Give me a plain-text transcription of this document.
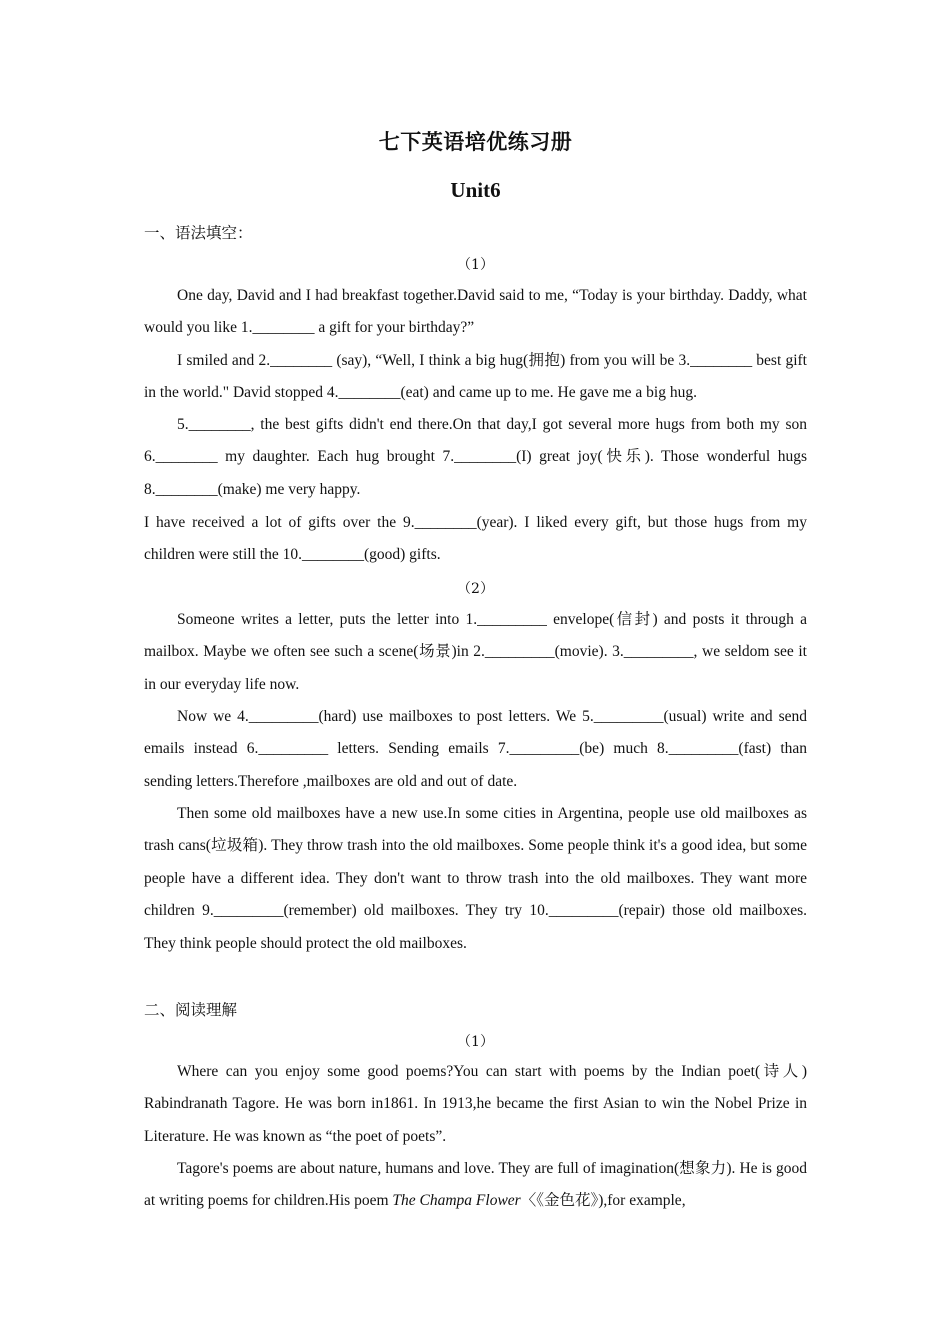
七下英语培优练习册
Unit6
一、语法填空：
（1）
One day, David and I had breakfast together.David said to me, “Today is your birthday. Daddy, what would you like 1.________ a gift for your birthday?”
I smiled and 2.________ (say), “Well, I think a big hug(拥抱) from you will be 3.________ best gift in the world." David stopped 4.________(eat) and came up to me. He gave me a big hug.
5.________, the best gifts didn't end there.On that day,I got several more hugs from both my son 6.________ my daughter. Each hug brought 7.________(I) great joy(快乐). Those wonderful hugs 8.________(make) me very happy.
I have received a lot of gifts over the 9.________(year). I liked every gift, but those hugs from my children were still the 10.________(good) gifts.
（2）
Someone writes a letter, puts the letter into 1._________ envelope(信封) and posts it through a mailbox. Maybe we often see such a scene(场景)in 2._________(movie). 3._________, we seldom see it in our everyday life now.
Now we 4._________(hard) use mailboxes to post letters. We 5._________(usual) write and send emails instead 6._________ letters. Sending emails 7._________(be) much 8._________(fast) than sending letters.Therefore ,mailboxes are old and out of date.
Then some old mailboxes have a new use.In some cities in Argentina, people use old mailboxes as trash cans(垃圾箱). They throw trash into the old mailboxes. Some people think it's a good idea, but some people have a different idea. They don't want to throw trash into the old mailboxes. They want more children 9._________(remember) old mailboxes. They try 10._________(repair) those old mailboxes. They think people should protect the old mailboxes.
二、阅读理解
（1）
Where can you enjoy some good poems?You can start with poems by the Indian poet(诗人) Rabindranath Tagore. He was born in1861. In 1913,he became the first Asian to win the Nobel Prize in Literature. He was known as “the poet of poets”.
Tagore's poems are about nature, humans and love. They are full of imagination(想象力). He is good at writing poems for children.His poem The Champa Flower〈《金色花》),for example,
